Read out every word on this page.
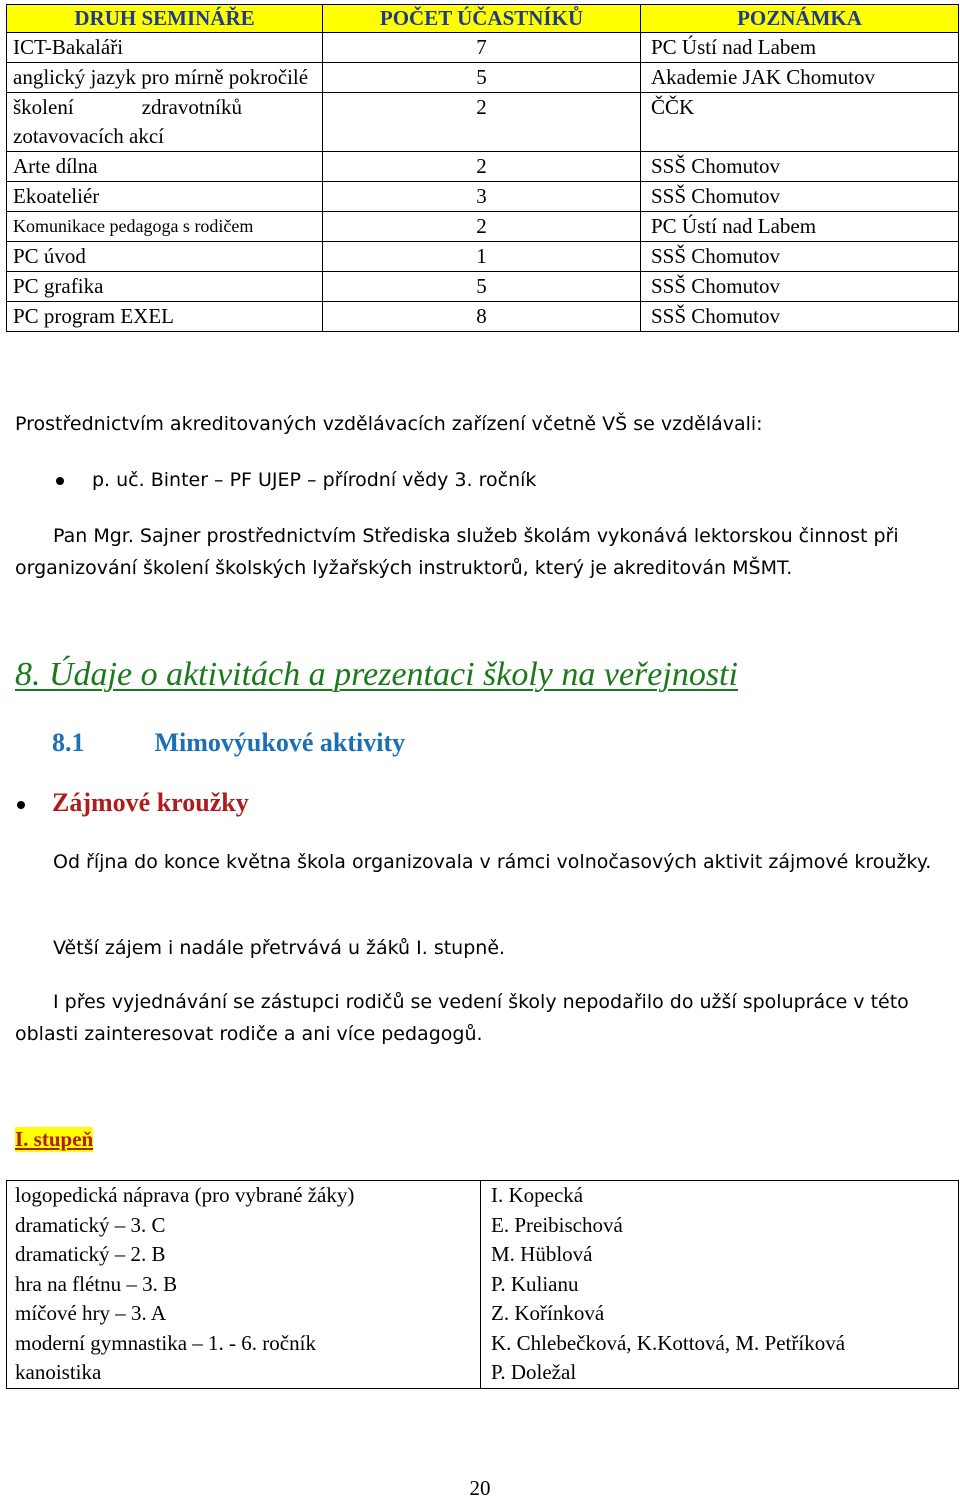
DRUH SEMINÁŘE	POČET ÚČASTNÍKŮ	POZNÁMKA
ICT-Bakaláři	7	PC Ústí nad Labem
anglický jazyk pro mírně pokročilé	5	Akademie JAK Chomutov
školení zdravotníků zotavovacích akcí	2	ČČK
Arte dílna	2	SSŠ Chomutov
Ekoateliér	3	SSŠ Chomutov
Komunikace pedagoga s rodičem	2	PC Ústí nad Labem
PC úvod	1	SSŠ Chomutov
PC grafika	5	SSŠ Chomutov
PC program EXEL	8	SSŠ Chomutov

Prostřednictvím akreditovaných vzdělávacích zařízení včetně VŠ se vzdělávali:

p. uč. Binter – PF UJEP – přírodní vědy 3. ročník

Pan Mgr. Sajner prostřednictvím Střediska služeb školám vykonává lektorskou činnost při organizování školení školských lyžařských instruktorů, který je akreditován MŠMT.

8. Údaje o aktivitách a prezentaci školy na veřejnosti
8.1	Mimovýukové aktivity
Zájmové kroužky

Od října do konce května škola organizovala v rámci volnočasových aktivit zájmové kroužky.

Větší zájem i nadále přetrvává u žáků I. stupně.

I přes vyjednávání se zástupci rodičů se vedení školy nepodařilo do užší spolupráce v této oblasti zainteresovat rodiče a ani více pedagogů.

I. stupeň
logopedická náprava (pro vybrané žáky)	I. Kopecká
dramatický – 3. C	E. Preibischová
dramatický – 2. B	M. Hüblová
hra na flétnu – 3. B	P. Kulianu
míčové hry – 3. A	Z. Kořínková
moderní gymnastika – 1. - 6. ročník	K. Chlebečková, K.Kottová, M. Petříková
kanoistika	P. Doležal

20
